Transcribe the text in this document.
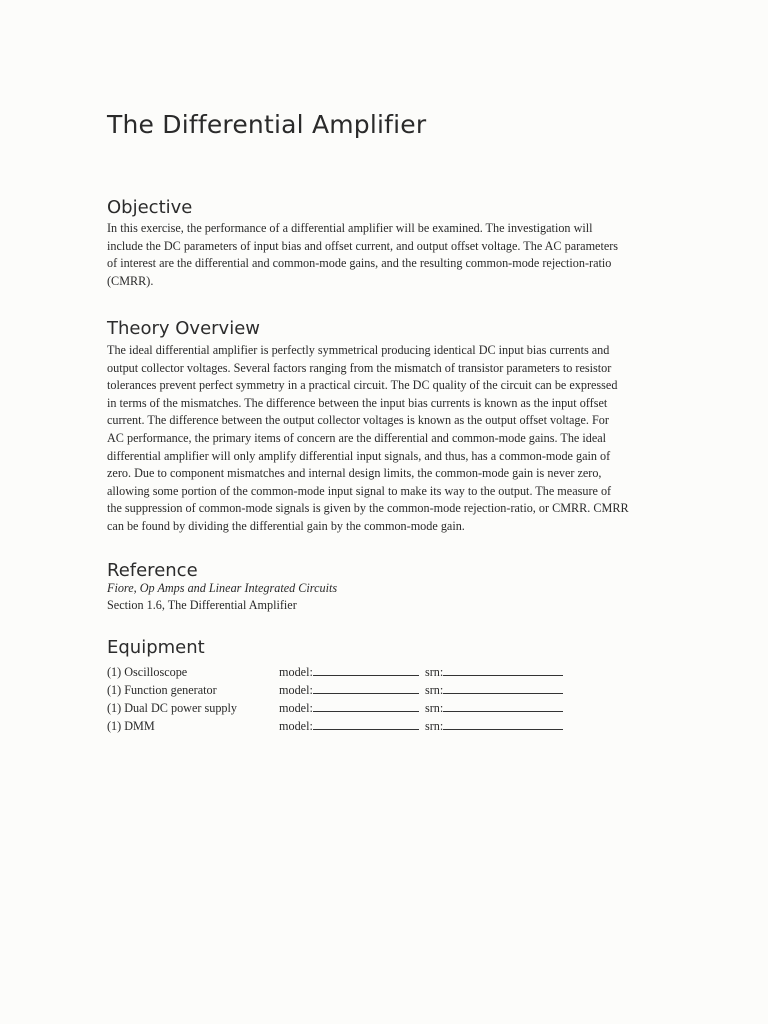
The Differential Amplifier
Objective
In this exercise, the performance of a differential amplifier will be examined. The investigation will
include the DC parameters of input bias and offset current, and output offset voltage. The AC parameters
of interest are the differential and common-mode gains, and the resulting common-mode rejection-ratio
(CMRR).
Theory Overview
The ideal differential amplifier is perfectly symmetrical producing identical DC input bias currents and
output collector voltages. Several factors ranging from the mismatch of transistor parameters to resistor
tolerances prevent perfect symmetry in a practical circuit. The DC quality of the circuit can be expressed
in terms of the mismatches. The difference between the input bias currents is known as the input offset
current. The difference between the output collector voltages is known as the output offset voltage. For
AC performance, the primary items of concern are the differential and common-mode gains. The ideal
differential amplifier will only amplify differential input signals, and thus, has a common-mode gain of
zero. Due to component mismatches and internal design limits, the common-mode gain is never zero,
allowing some portion of the common-mode input signal to make its way to the output. The measure of
the suppression of common-mode signals is given by the common-mode rejection-ratio, or CMRR. CMRR
can be found by dividing the differential gain by the common-mode gain.
Reference
Fiore, Op Amps and Linear Integrated Circuits
Section 1.6, The Differential Amplifier
Equipment
(1) Oscilloscope	model:	srn:
(1) Function generator	model:	srn:
(1) Dual DC power supply	model:	srn:
(1) DMM	model:	srn:
